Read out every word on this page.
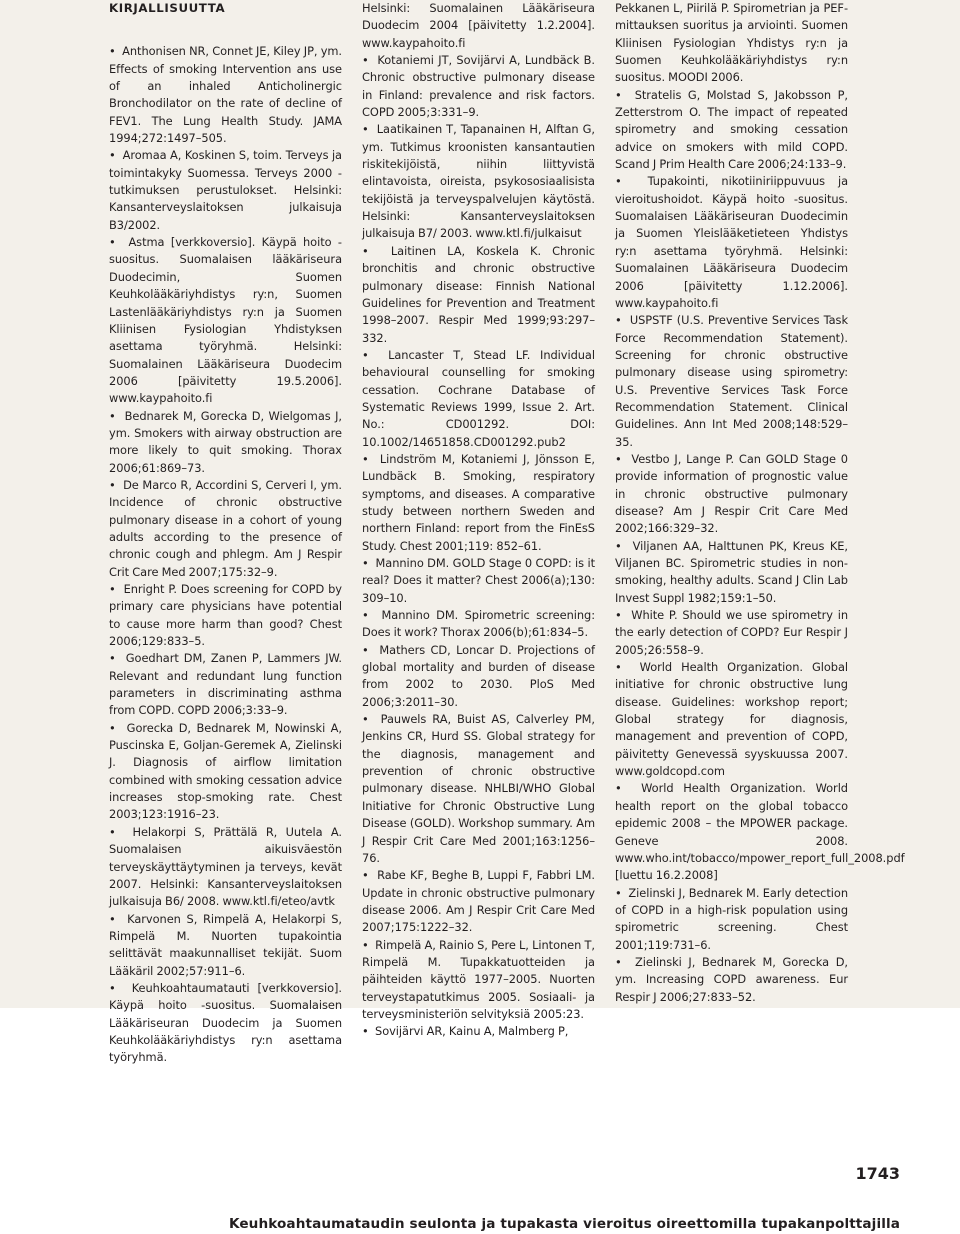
KIRJALLISUUTTA

•  Anthonisen NR, Connet JE, Kiley JP, ym. Effects of smoking Intervention ans use of an inhaled Anticholinergic Bronchodilator on the rate of decline of FEV1. The Lung Health Study. JAMA 1994;272:1497–505.

•  Aromaa A, Koskinen S, toim. Terveys ja toimintakyky Suomessa. Terveys 2000 -tutkimuksen perustulokset. Helsinki: Kansanterveyslaitoksen julkaisuja B3/2002.

•  Astma [verkkoversio]. Käypä hoito -suositus. Suomalaisen lääkäriseura Duodecimin, Suomen Keuhkolääkäriyhdistys ry:n, Suomen Lastenlääkäriyhdistys ry:n ja Suomen Kliinisen Fysiologian Yhdistyksen asettama työryhmä. Helsinki: Suomalainen Lääkäriseura Duodecim 2006 [päivitetty 19.5.2006]. www.kaypahoito.fi

•  Bednarek M, Gorecka D, Wielgomas J, ym. Smokers with airway obstruction are more likely to quit smoking. Thorax 2006;61:869–73.

•  De Marco R, Accordini S, Cerveri I, ym. Incidence of chronic obstructive pulmonary disease in a cohort of young adults according to the presence of chronic cough and phlegm. Am J Respir Crit Care Med 2007;175:32–9.

•  Enright P. Does screening for COPD by primary care physicians have potential to cause more harm than good? Chest 2006;129:833–5.

•  Goedhart DM, Zanen P, Lammers JW. Relevant and redundant lung function parameters in discriminating asthma from COPD. COPD 2006;3:33–9.

•  Gorecka D, Bednarek M, Nowinski A, Puscinska E, Goljan-Geremek A, Zielinski J. Diagnosis of airflow limitation combined with smoking cessation advice increases stop-smoking rate. Chest 2003;123:1916–23.

•  Helakorpi S, Prättälä R, Uutela A. Suomalaisen aikuisväestön terveyskäyttäytyminen ja terveys, kevät 2007. Helsinki: Kansanterveyslaitoksen julkaisuja B6/ 2008. www.ktl.fi/eteo/avtk

•  Karvonen S, Rimpelä A, Helakorpi S, Rimpelä M. Nuorten tupakointia selittävät maakunnalliset tekijät. Suom Lääkäril 2002;57:911–6.

•  Keuhkoahtaumatauti [verkkoversio]. Käypä hoito -suositus. Suomalaisen Lääkäriseuran Duodecim ja Suomen Keuhkolääkäriyhdistys ry:n asettama työryhmä.

Helsinki: Suomalainen Lääkäriseura Duodecim 2004 [päivitetty 1.2.2004]. www.kaypahoito.fi

•  Kotaniemi JT, Sovijärvi A, Lundbäck B. Chronic obstructive pulmonary disease in Finland: prevalence and risk factors. COPD 2005;3:331–9.

•  Laatikainen T, Tapanainen H, Alftan G, ym. Tutkimus kroonisten kansantautien riskitekijöistä, niihin liittyvistä elintavoista, oireista, psykososiaalisista tekijöistä ja terveyspalvelujen käytöstä. Helsinki: Kansanterveyslaitoksen julkaisuja B7/ 2003. www.ktl.fi/julkaisut

•  Laitinen LA, Koskela K. Chronic bronchitis and chronic obstructive pulmonary disease: Finnish National Guidelines for Prevention and Treatment 1998–2007. Respir Med 1999;93:297–332.

•  Lancaster T, Stead LF. Individual behavioural counselling for smoking cessation. Cochrane Database of Systematic Reviews 1999, Issue 2. Art. No.: CD001292. DOI: 10.1002/14651858.CD001292.pub2

•  Lindström M, Kotaniemi J, Jönsson E, Lundbäck B. Smoking, respiratory symptoms, and diseases. A comparative study between northern Sweden and northern Finland: report from the FinEsS Study. Chest 2001;119: 852–61.

•  Mannino DM. GOLD Stage 0 COPD: is it real? Does it matter? Chest 2006(a);130: 309–10.

•  Mannino DM. Spirometric screening: Does it work? Thorax 2006(b);61:834–5.

•  Mathers CD, Loncar D. Projections of global mortality and burden of disease from 2002 to 2030. PloS Med 2006;3:2011–30.

•  Pauwels RA, Buist AS, Calverley PM, Jenkins CR, Hurd SS. Global strategy for the diagnosis, management and prevention of chronic obstructive pulmonary disease. NHLBI/WHO Global Initiative for Chronic Obstructive Lung Disease (GOLD). Workshop summary. Am J Respir Crit Care Med 2001;163:1256–76.

•  Rabe KF, Beghe B, Luppi F, Fabbri LM. Update in chronic obstructive pulmonary disease 2006. Am J Respir Crit Care Med 2007;175:1222–32.

•  Rimpelä A, Rainio S, Pere L, Lintonen T, Rimpelä M. Tupakkatuotteiden ja päihteiden käyttö 1977–2005. Nuorten terveystapatutkimus 2005. Sosiaali- ja terveysministeriön selvityksiä 2005:23.

•  Sovijärvi AR, Kainu A, Malmberg P,

Pekkanen L, Piirilä P. Spirometrian ja PEF-mittauksen suoritus ja arviointi. Suomen Kliinisen Fysiologian Yhdistys ry:n ja Suomen Keuhkolääkäriyhdistys ry:n suositus. MOODI 2006.

•  Stratelis G, Molstad S, Jakobsson P, Zetterstrom O. The impact of repeated spirometry and smoking cessation advice on smokers with mild COPD. Scand J Prim Health Care 2006;24:133–9.

•  Tupakointi, nikotiiniriippuvuus ja vieroitushoidot. Käypä hoito -suositus. Suomalaisen Lääkäriseuran Duodecimin ja Suomen Yleislääketieteen Yhdistys ry:n asettama työryhmä. Helsinki: Suomalainen Lääkäriseura Duodecim 2006 [päivitetty 1.12.2006]. www.kaypahoito.fi

•  USPSTF (U.S. Preventive Services Task Force Recommendation Statement). Screening for chronic obstructive pulmonary disease using spirometry: U.S. Preventive Services Task Force Recommendation Statement. Clinical Guidelines. Ann Int Med 2008;148:529–35.

•  Vestbo J, Lange P. Can GOLD Stage 0 provide information of prognostic value in chronic obstructive pulmonary disease? Am J Respir Crit Care Med 2002;166:329–32.

•  Viljanen AA, Halttunen PK, Kreus KE, Viljanen BC. Spirometric studies in non-smoking, healthy adults. Scand J Clin Lab Invest Suppl 1982;159:1–50.

•  White P. Should we use spirometry in the early detection of COPD? Eur Respir J 2005;26:558–9.

•  World Health Organization. Global initiative for chronic obstructive lung disease. Guidelines: workshop report; Global strategy for diagnosis, management and prevention of COPD, päivitetty Genevessä syyskuussa 2007. www.goldcopd.com

•  World Health Organization. World health report on the global tobacco epidemic 2008 – the MPOWER package. Geneve 2008. www.who.int/tobacco/mpower_report_full_2008.pdf [luettu 16.2.2008]

•  Zielinski J, Bednarek M. Early detection of COPD in a high-risk population using spirometric screening. Chest 2001;119:731–6.

•  Zielinski J, Bednarek M, Gorecka D, ym. Increasing COPD awareness. Eur Respir J 2006;27:833–52.

1743
Keuhkoahtaumataudin seulonta ja tupakasta vieroitus oireettomilla tupakanpolttajilla
